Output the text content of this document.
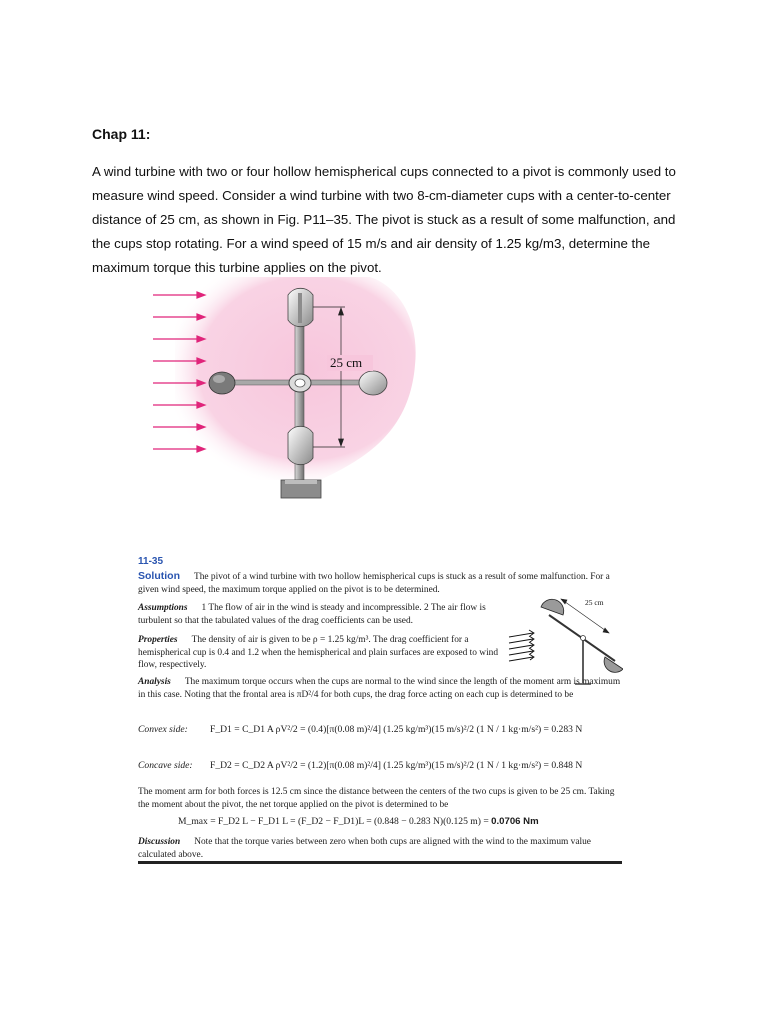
Chap 11:

A wind turbine with two or four hollow hemispherical cups connected to a pivot is commonly used to measure wind speed. Consider a wind turbine with two 8-cm-diameter cups with a center-to-center distance of 25 cm, as shown in Fig. P11–35. The pivot is stuck as a result of some malfunction, and the cups stop rotating. For a wind speed of 15 m/s and air density of 1.25 kg/m3, determine the maximum torque this turbine applies on the pivot.

25 cm
11-35

Solution The pivot of a wind turbine with two hollow hemispherical cups is stuck as a result of some malfunction. For a given wind speed, the maximum torque applied on the pivot is to be determined.

Assumptions 1 The flow of air in the wind is steady and incompressible. 2 The air flow is turbulent so that the tabulated values of the drag coefficients can be used.

Properties The density of air is given to be ρ = 1.25 kg/m³. The drag coefficient for a hemispherical cup is 0.4 and 1.2 when the hemispherical and plain surfaces are exposed to wind flow, respectively.

Analysis The maximum torque occurs when the cups are normal to the wind since the length of the moment arm is maximum in this case. Noting that the frontal area is πD²/4 for both cups, the drag force acting on each cup is determined to be

Convex side: F_D1 = C_D1 A ρV²/2 = (0.4)[π(0.08 m)²/4] (1.25 kg/m³)(15 m/s)²/2 (1 N / 1 kg·m/s²) = 0.283 N
Concave side: F_D2 = C_D2 A ρV²/2 = (1.2)[π(0.08 m)²/4] (1.25 kg/m³)(15 m/s)²/2 (1 N / 1 kg·m/s²) = 0.848 N

The moment arm for both forces is 12.5 cm since the distance between the centers of the two cups is given to be 25 cm. Taking the moment about the pivot, the net torque applied on the pivot is determined to be

M_max = F_D2 L − F_D1 L = (F_D2 − F_D1)L = (0.848 − 0.283 N)(0.125 m) = 0.0706 Nm

Discussion Note that the torque varies between zero when both cups are aligned with the wind to the maximum value calculated above.

25 cm
